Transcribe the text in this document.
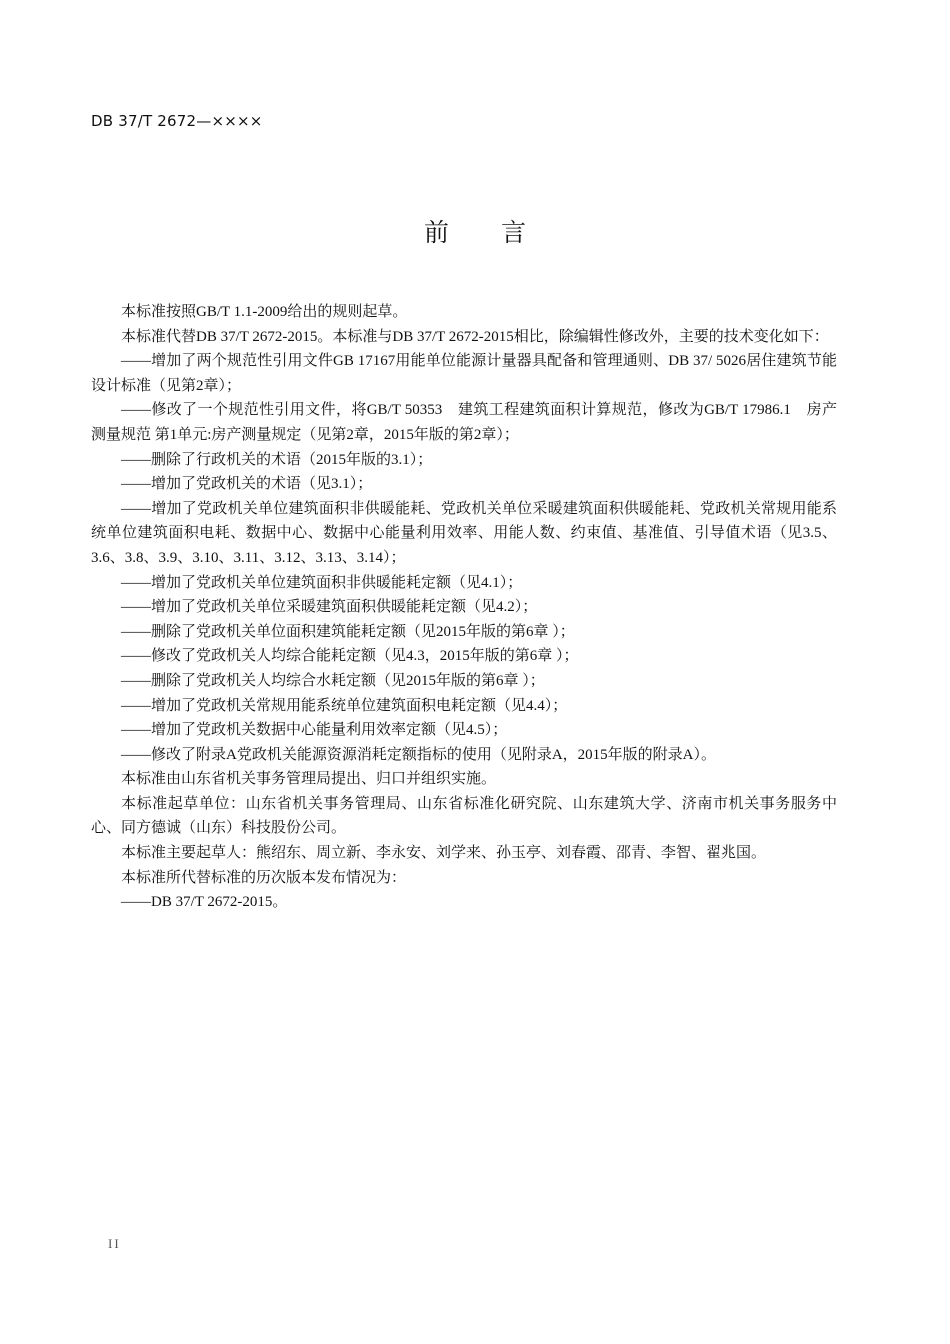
DB 37/T 2672—××××
前 言

本标准按照GB/T 1.1-2009给出的规则起草。

本标准代替DB 37/T 2672-2015。本标准与DB 37/T 2672-2015相比，除编辑性修改外，主要的技术变化如下：

——增加了两个规范性引用文件GB 17167用能单位能源计量器具配备和管理通则、DB 37/ 5026居住建筑节能设计标准（见第2章）；

——修改了一个规范性引用文件，将GB/T 50353　建筑工程建筑面积计算规范，修改为GB/T 17986.1　房产测量规范 第1单元:房产测量规定（见第2章，2015年版的第2章）；

——删除了行政机关的术语（2015年版的3.1）；

——增加了党政机关的术语（见3.1）；

——增加了党政机关单位建筑面积非供暖能耗、党政机关单位采暖建筑面积供暖能耗、党政机关常规用能系统单位建筑面积电耗、数据中心、数据中心能量利用效率、用能人数、约束值、基准值、引导值术语（见3.5、3.6、3.8、3.9、3.10、3.11、3.12、3.13、3.14）；

——增加了党政机关单位建筑面积非供暖能耗定额（见4.1）；

——增加了党政机关单位采暖建筑面积供暖能耗定额（见4.2）；

——删除了党政机关单位面积建筑能耗定额（见2015年版的第6章 ）；

——修改了党政机关人均综合能耗定额（见4.3，2015年版的第6章 ）；

——删除了党政机关人均综合水耗定额（见2015年版的第6章 ）；

——增加了党政机关常规用能系统单位建筑面积电耗定额（见4.4）；

——增加了党政机关数据中心能量利用效率定额（见4.5）；

——修改了附录A党政机关能源资源消耗定额指标的使用（见附录A，2015年版的附录A）。

本标准由山东省机关事务管理局提出、归口并组织实施。

本标准起草单位：山东省机关事务管理局、山东省标准化研究院、山东建筑大学、济南市机关事务服务中心、同方德诚（山东）科技股份公司。

本标准主要起草人：熊绍东、周立新、李永安、刘学来、孙玉亭、刘春霞、邵青、李智、翟兆国。

本标准所代替标准的历次版本发布情况为：

——DB 37/T 2672-2015。

II
